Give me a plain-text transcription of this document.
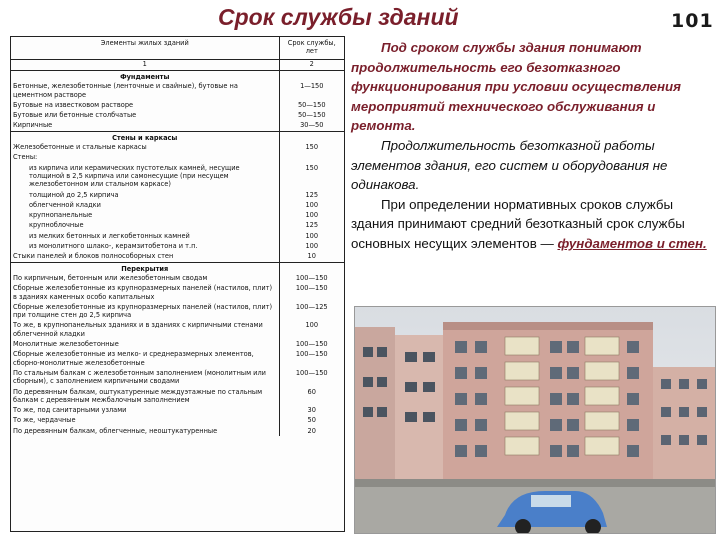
Срок службы зданий	101
Элементы жилых зданий	Срок службы, лет
1	2
Фундаменты	
Бетонные, железобетонные (ленточные и свайные), бутовые на цементном растворе	1—150
Бутовые на известковом растворе	50—150
Бутовые или бетонные столбчатые	50—150
Кирпичные	30—50
Стены и каркасы	
Железобетонные и стальные каркасы	150
Стены:	
из кирпича или керамических пустотелых камней, несущие толщиной в 2,5 кирпича или самонесущие (при несущем железобетонном или стальном каркасе)	150
толщиной до 2,5 кирпича	125
облегченной кладки	100
крупнопанельные	100
крупноблочные	125
из мелких бетонных и легкобетонных камней	100
из монолитного шлако-, керамзитобетона и т.п.	100
Стыки панелей и блоков полнособорных стен	10
Перекрытия	
По кирпичным, бетонным или железобетонным сводам	100—150
Сборные железобетонные из крупноразмерных панелей (настилов, плит) в зданиях каменных особо капитальных	100—150
Сборные железобетонные из крупноразмерных панелей (настилов, плит) при толщине стен до 2,5 кирпича	100—125
То же, в крупнопанельных зданиях и в зданиях с кирпичными стенами облегченной кладки	100
Монолитные железобетонные	100—150
Сборные железобетонные из мелко- и среднеразмерных элементов, сборно-монолитные железобетонные	100—150
По стальным балкам с железобетонным заполнением (монолитным или сборным), с заполнением кирпичными сводами	100—150
По деревянным балкам, оштукатуренные междуэтажные по стальным балкам с деревянным межбалочным заполнением	60
То же, под санитарными узлами	30
То же, чердачные	50
По деревянным балкам, облегченные, неоштукатуренные	20

Под сроком службы здания понимают продолжительность его безотказного функционирования при условии осуществления мероприятий технического обслуживания и ремонта.

Продолжительность безотказной работы элементов здания, его систем и оборудования не одинакова.

При определении нормативных сроков службы здания принимают средний безотказный срок службы основных несущих элементов — фундаментов и стен.
